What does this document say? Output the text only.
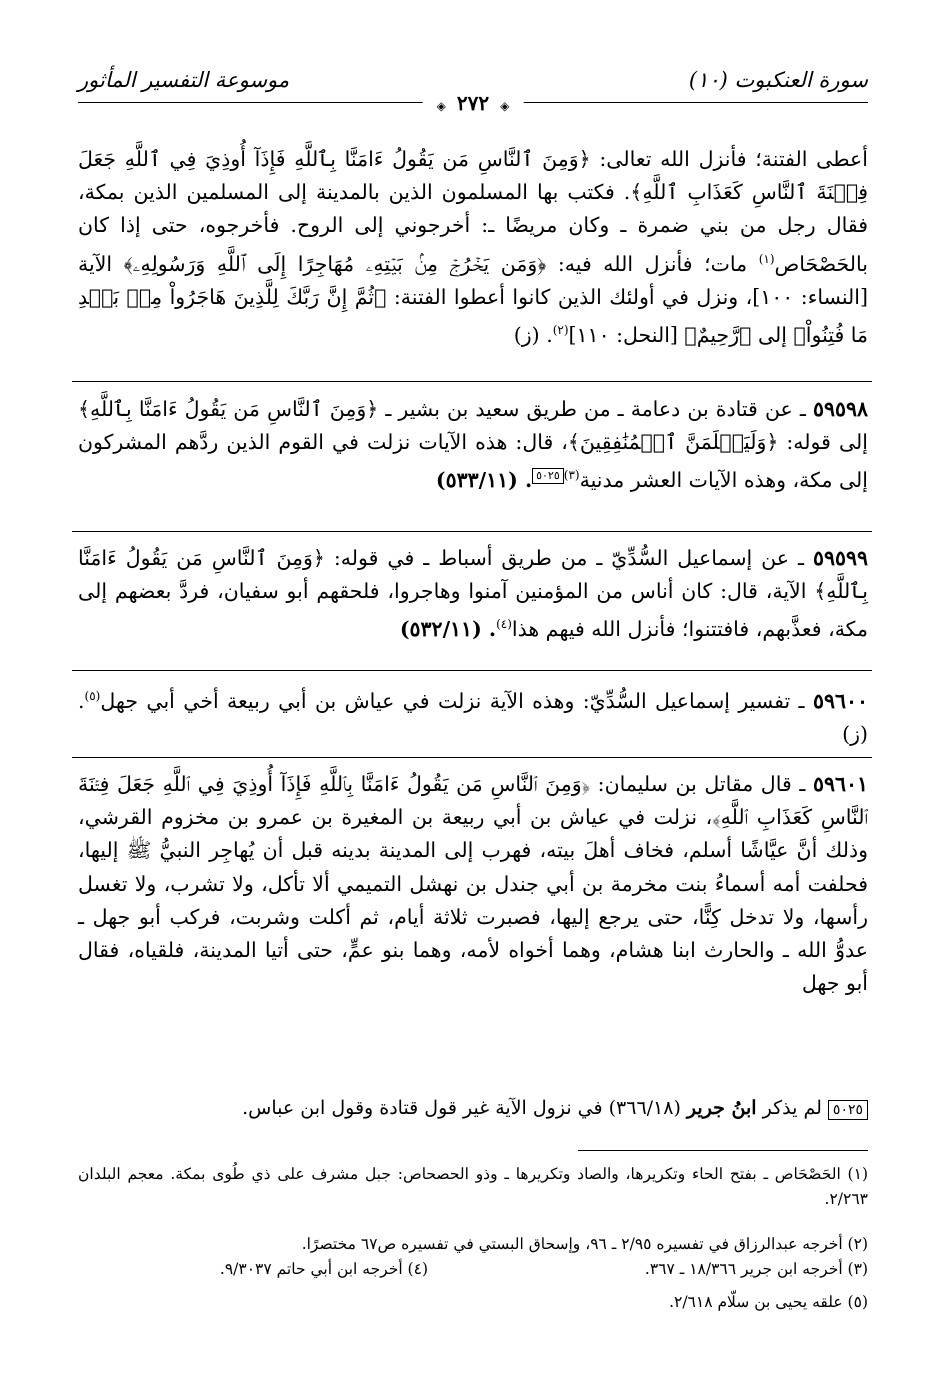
سورة العنكبوت (١٠)
موسوعة التفسير المأثور
◈ ٢٧٢ ◈
أعطى الفتنة؛ فأنزل الله تعالى: ﴿وَمِنَ ٱلنَّاسِ مَن يَقُولُ ءَامَنَّا بِٱللَّهِ فَإِذَآ أُوذِيَ فِي ٱللَّهِ جَعَلَ فِتۡنَةَ ٱلنَّاسِ كَعَذَابِ ٱللَّهِ﴾. فكتب بها المسلمون الذين بالمدينة إلى المسلمين الذين بمكة، فقال رجل من بني ضمرة ـ وكان مريضًا ـ: أخرجوني إلى الروح. فأخرجوه، حتى إذا كان بالحَصْحَاص$^{(١)}$ مات؛ فأنزل الله فيه: ﴿وَمَن يَخۡرُجۡ مِنۢ بَيۡتِهِۦ مُهَاجِرًا إِلَى ٱللَّهِ وَرَسُولِهِۦ﴾ الآية [النساء: ١٠٠]، ونزل في أولئك الذين كانوا أعطوا الفتنة: ﴿ثُمَّ إِنَّ رَبَّكَ لِلَّذِينَ هَاجَرُواْ مِنۢ بَعۡدِ مَا فُتِنُواْ﴾ إلى ﴿رَّحِيمٌ﴾ [النحل: ١١٠]$^{(٢)}$. (ز)
٥٩٥٩٨ ـ عن قتادة بن دعامة ـ من طريق سعيد بن بشير ـ ﴿وَمِنَ ٱلنَّاسِ مَن يَقُولُ ءَامَنَّا بِٱللَّهِ﴾ إلى قوله: ﴿وَلَيَعۡلَمَنَّ ٱلۡمُنَٰفِقِينَ﴾، قال: هذه الآيات نزلت في القوم الذين ردَّهم المشركون إلى مكة، وهذه الآيات العشر مدنية$^{(٣)}$٥٠٢٥. (٥٣٣/١١)
٥٩٥٩٩ ـ عن إسماعيل السُّدِّيّ ـ من طريق أسباط ـ في قوله: ﴿وَمِنَ ٱلنَّاسِ مَن يَقُولُ ءَامَنَّا بِٱللَّهِ﴾ الآية، قال: كان أناس من المؤمنين آمنوا وهاجروا، فلحقهم أبو سفيان، فردَّ بعضهم إلى مكة، فعذَّبهم، فافتتنوا؛ فأنزل الله فيهم هذا$^{(٤)}$. (٥٣٢/١١)
٥٩٦٠٠ ـ تفسير إسماعيل السُّدِّيّ: وهذه الآية نزلت في عياش بن أبي ربيعة أخي أبي جهل$^{(٥)}$. (ز)
٥٩٦٠١ ـ قال مقاتل بن سليمان: ﴿وَمِنَ ٱلنَّاسِ مَن يَقُولُ ءَامَنَّا بِٱللَّهِ فَإِذَآ أُوذِيَ فِي ٱللَّهِ جَعَلَ فِتۡنَةَ ٱلنَّاسِ كَعَذَابِ ٱللَّهِ﴾، نزلت في عياش بن أبي ربيعة بن المغيرة بن عمرو بن مخزوم القرشي، وذلك أنَّ عيَّاشًا أسلم، فخاف أهلَ بيته، فهرب إلى المدينة بدينه قبل أن يُهاجِر النبيُّ ﷺ إليها، فحلفت أمه أسماءُ بنت مخرمة بن أبي جندل بن نهشل التميمي ألا تأكل، ولا تشرب، ولا تغسل رأسها، ولا تدخل كِنًّا، حتى يرجع إليها، فصبرت ثلاثة أيام، ثم أكلت وشربت، فركب أبو جهل ـ عدوُّ الله ـ والحارث ابنا هشام، وهما أخواه لأمه، وهما بنو عمٍّ، حتى أتيا المدينة، فلقياه، فقال أبو جهل
٥٠٢٥ لم يذكر ابنُ جرير (٣٦٦/١٨) في نزول الآية غير قول قتادة وقول ابن عباس.
(١) الحَصْحَاص ـ بفتح الحاء وتكريرها، والصاد وتكريرها ـ وذو الحصحاص: جبل مشرف على ذي طُوى بمكة. معجم البلدان ٢/٢٦٣.
(٢) أخرجه عبدالرزاق في تفسيره ٢/٩٥ ـ ٩٦، وإسحاق البستي في تفسيره ص٦٧ مختصرًا.
(٣) أخرجه ابن جرير ١٨/٣٦٦ ـ ٣٦٧.(٤) أخرجه ابن أبي حاتم ٩/٣٠٣٧.
(٥) علقه يحيى بن سلّام ٢/٦١٨.
